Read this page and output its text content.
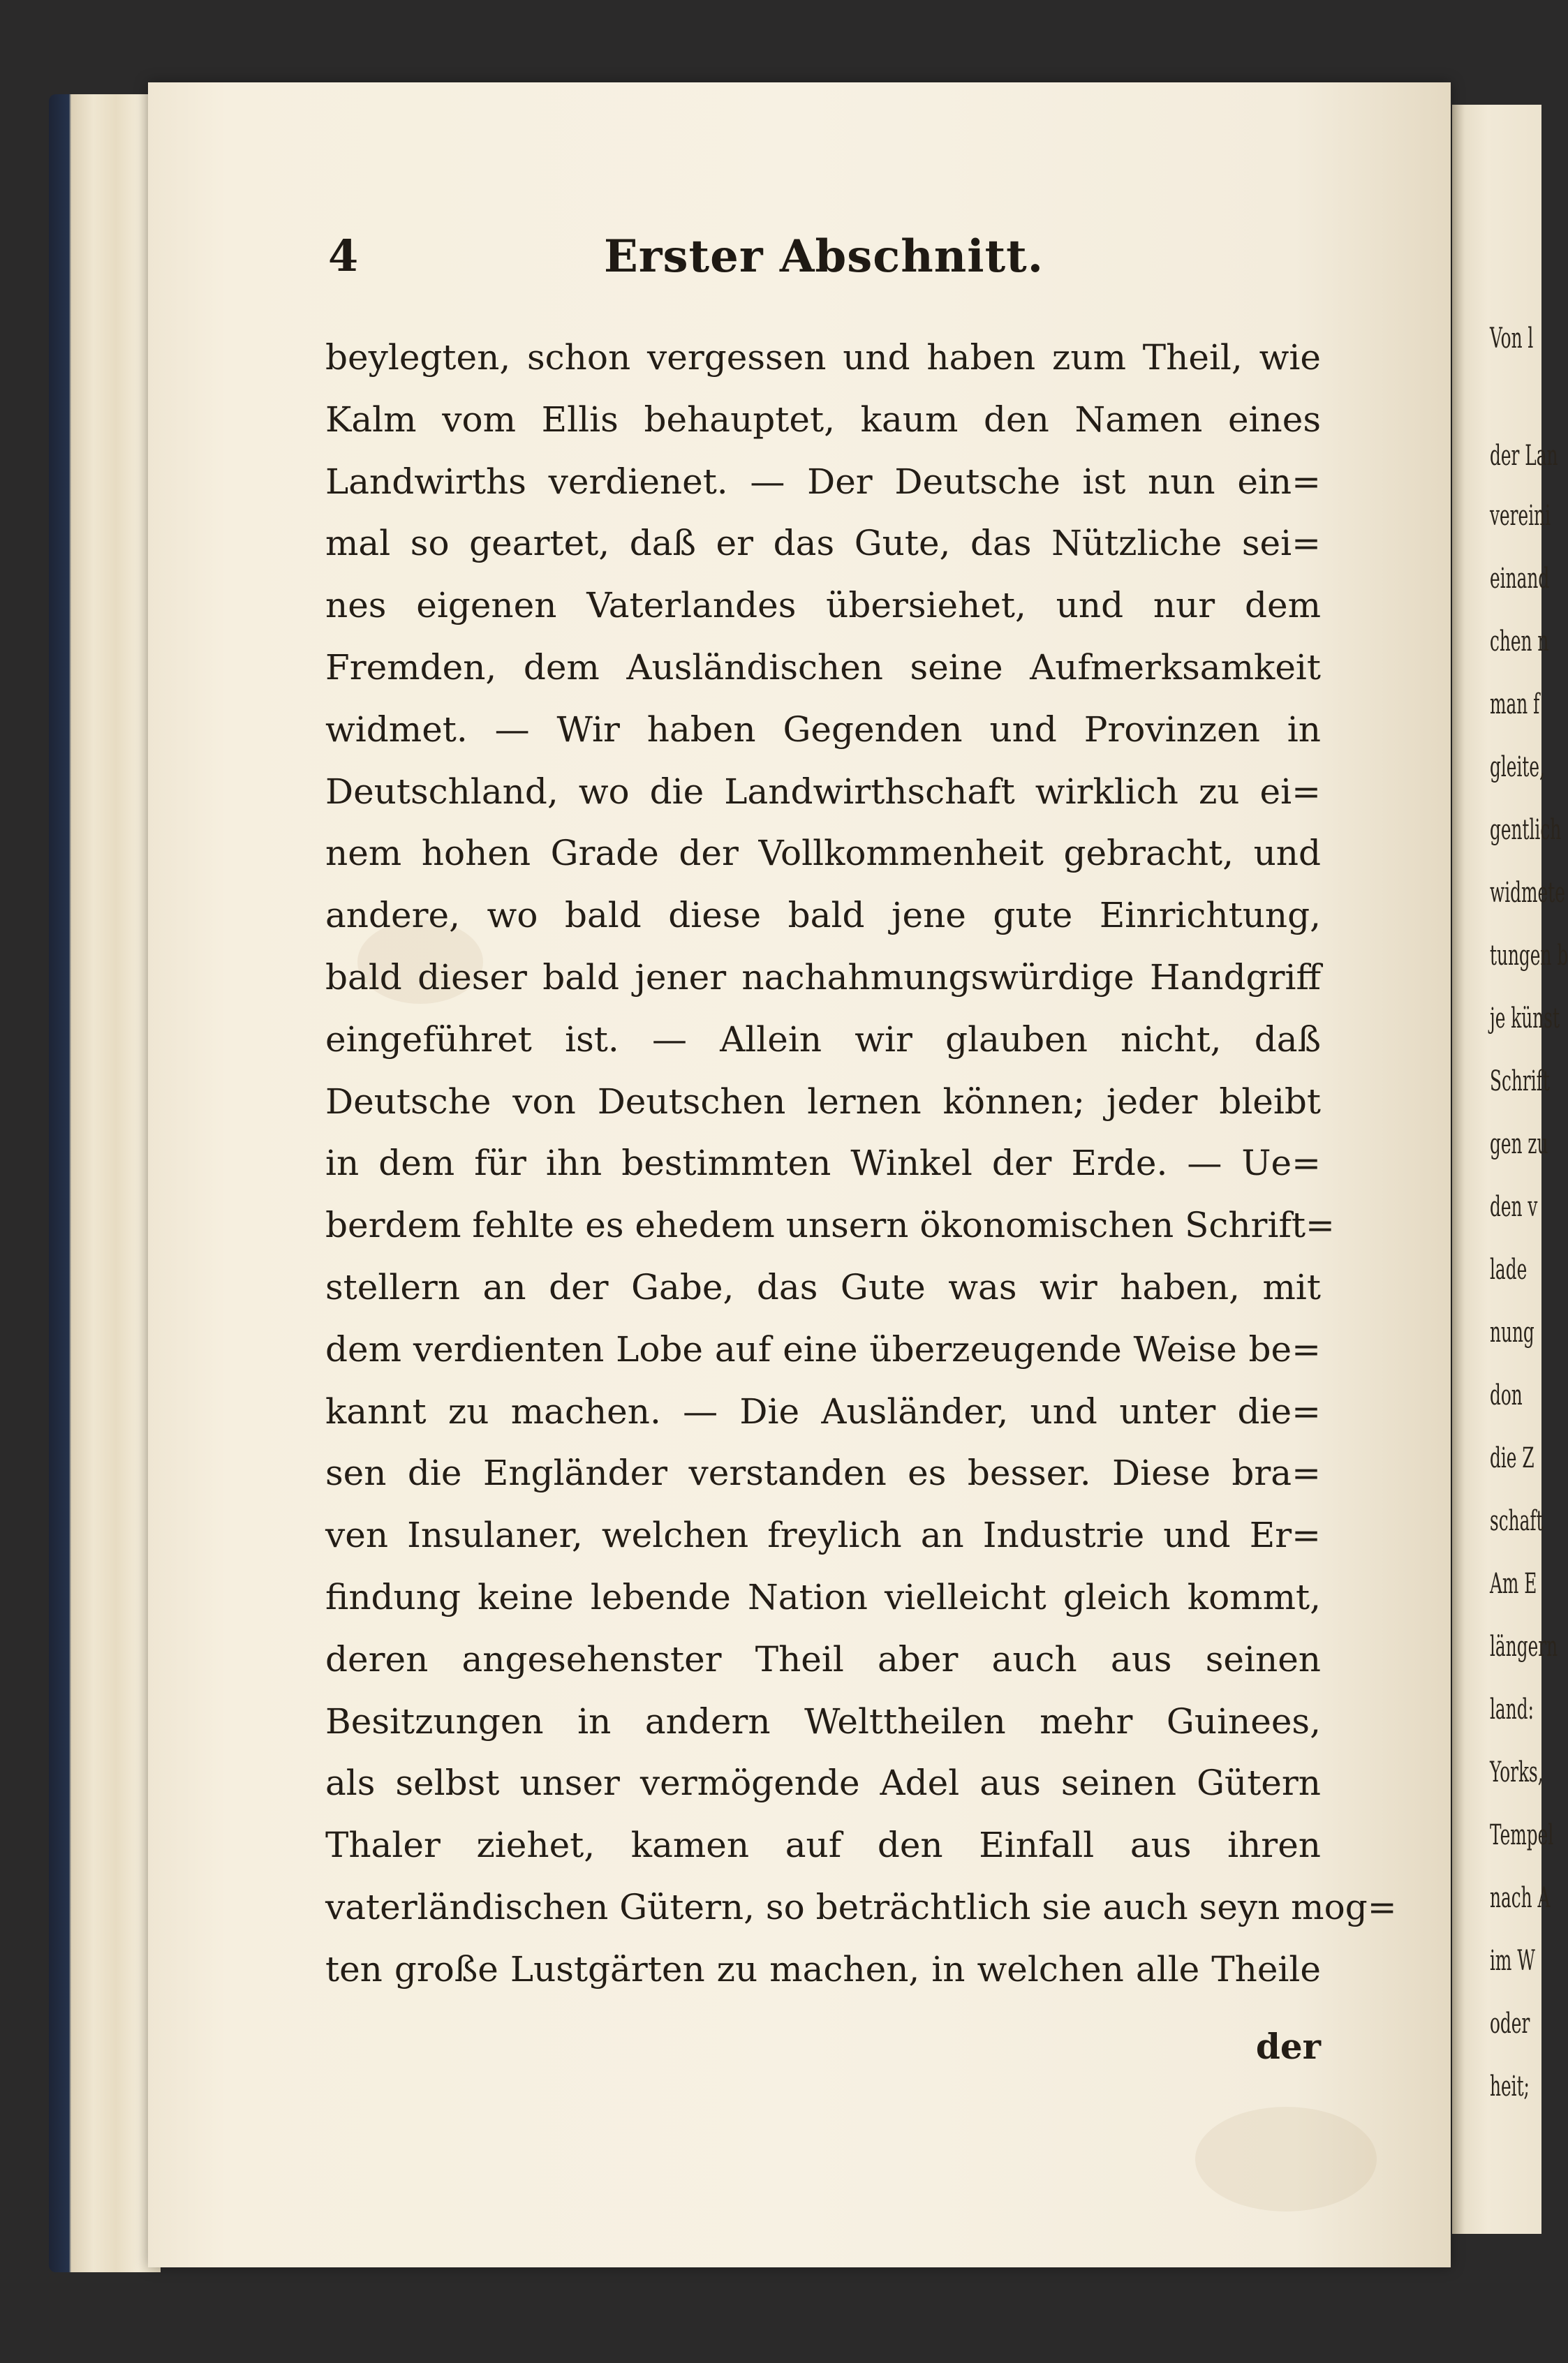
Von l
der Lan
vereini
einand
chen n
man f
gleite,
gentlich
widmete
tungen b
je künst
Schrift
gen zu
den v
lade
nung
don
die Z
schaft
Am E
längern
land:
Yorks,
Tempel
nach A
im W
oder
heit;
4	Erster Abschnitt.
beylegten, schon vergessen und haben zum Theil, wie
Kalm vom Ellis behauptet, kaum den Namen eines
Landwirths verdienet. — Der Deutsche ist nun ein=
mal so geartet, daß er das Gute, das Nützliche sei=
nes eigenen Vaterlandes übersiehet, und nur dem
Fremden, dem Ausländischen seine Aufmerksamkeit
widmet. — Wir haben Gegenden und Provinzen in
Deutschland, wo die Landwirthschaft wirklich zu ei=
nem hohen Grade der Vollkommenheit gebracht, und
andere, wo bald diese bald jene gute Einrichtung,
bald dieser bald jener nachahmungswürdige Handgriff
eingeführet ist. — Allein wir glauben nicht, daß
Deutsche von Deutschen lernen können; jeder bleibt
in dem für ihn bestimmten Winkel der Erde. — Ue=
berdem fehlte es ehedem unsern ökonomischen Schrift=
stellern an der Gabe, das Gute was wir haben, mit
dem verdienten Lobe auf eine überzeugende Weise be=
kannt zu machen. — Die Ausländer, und unter die=
sen die Engländer verstanden es besser. Diese bra=
ven Insulaner, welchen freylich an Industrie und Er=
findung keine lebende Nation vielleicht gleich kommt,
deren angesehenster Theil aber auch aus seinen
Besitzungen in andern Welttheilen mehr Guinees,
als selbst unser vermögende Adel aus seinen Gütern
Thaler ziehet, kamen auf den Einfall aus ihren
vaterländischen Gütern, so beträchtlich sie auch seyn mog=
ten große Lustgärten zu machen, in welchen alle Theile
der
